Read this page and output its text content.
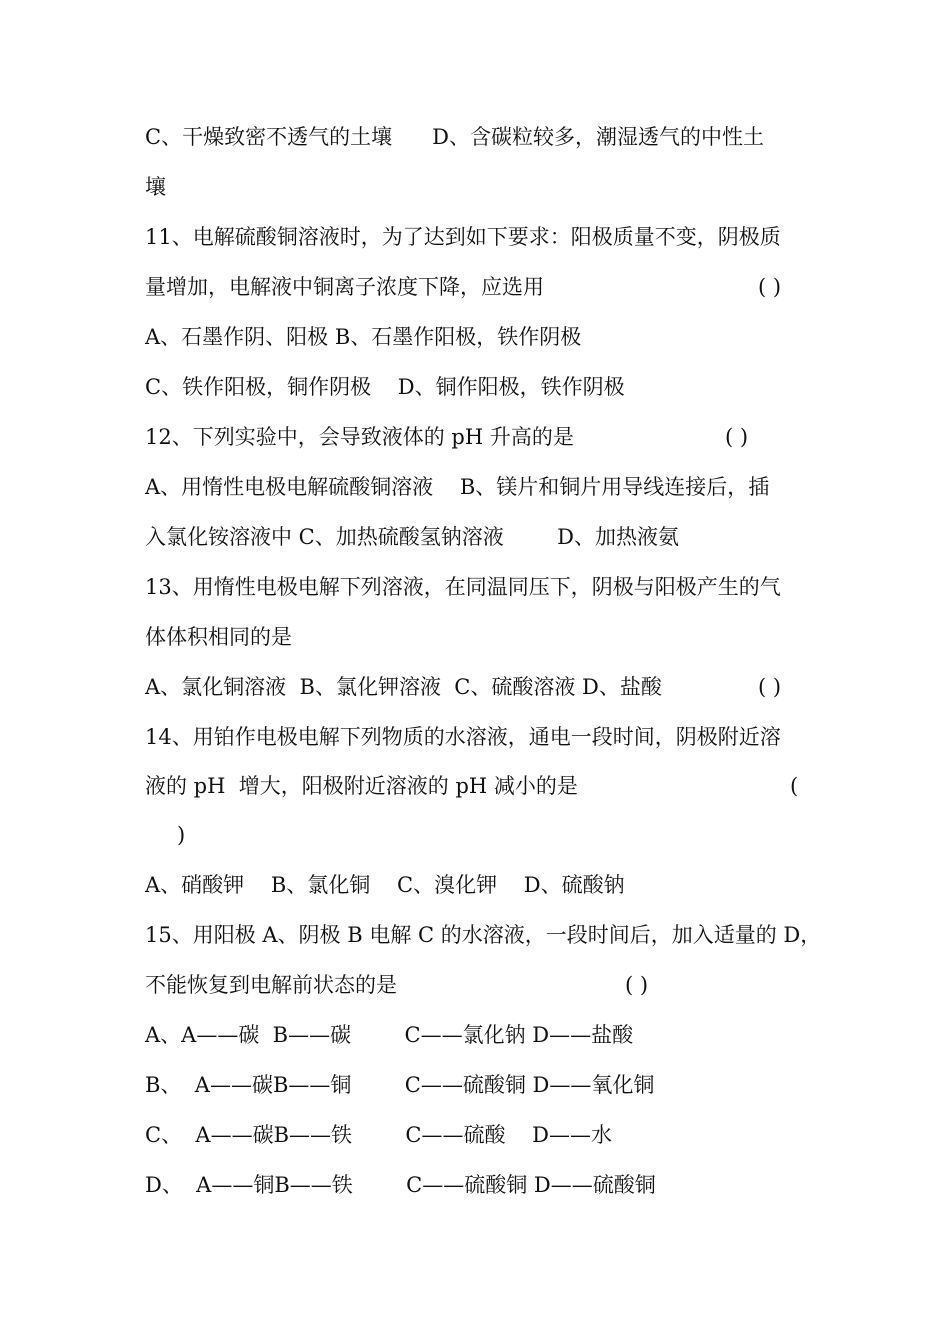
C、干燥致密不透气的土壤      D、含碳粒较多，潮湿透气的中性土
壤
11、电解硫酸铜溶液时，为了达到如下要求：阳极质量不变，阴极质
量增加，电解液中铜离子浓度下降，应选用	( )
A、石墨作阴、阳极 B、石墨作阳极，铁作阴极
C、铁作阳极，铜作阴极    D、铜作阳极，铁作阴极
12、下列实验中，会导致液体的 pH 升高的是	( )
A、用惰性电极电解硫酸铜溶液    B、镁片和铜片用导线连接后，插
入氯化铵溶液中 C、加热硫酸氢钠溶液        D、加热液氨
13、用惰性电极电解下列溶液，在同温同压下，阴极与阳极产生的气
体体积相同的是
A、氯化铜溶液  B、氯化钾溶液  C、硫酸溶液 D、盐酸	( )
14、用铂作电极电解下列物质的水溶液，通电一段时间，阴极附近溶
液的 pH  增大，阳极附近溶液的 pH 减小的是	(
)
A、硝酸钾    B、氯化铜    C、溴化钾    D、硫酸钠
15、用阳极 A、阴极 B 电解 C 的水溶液，一段时间后，加入适量的 D，
不能恢复到电解前状态的是	( )
A、A——碳  B——碳        C——氯化钠 D——盐酸
B、  A——碳B——铜        C——硫酸铜 D——氧化铜
C、  A——碳B——铁        C——硫酸    D——水
D、  A——铜B——铁        C——硫酸铜 D——硫酸铜
